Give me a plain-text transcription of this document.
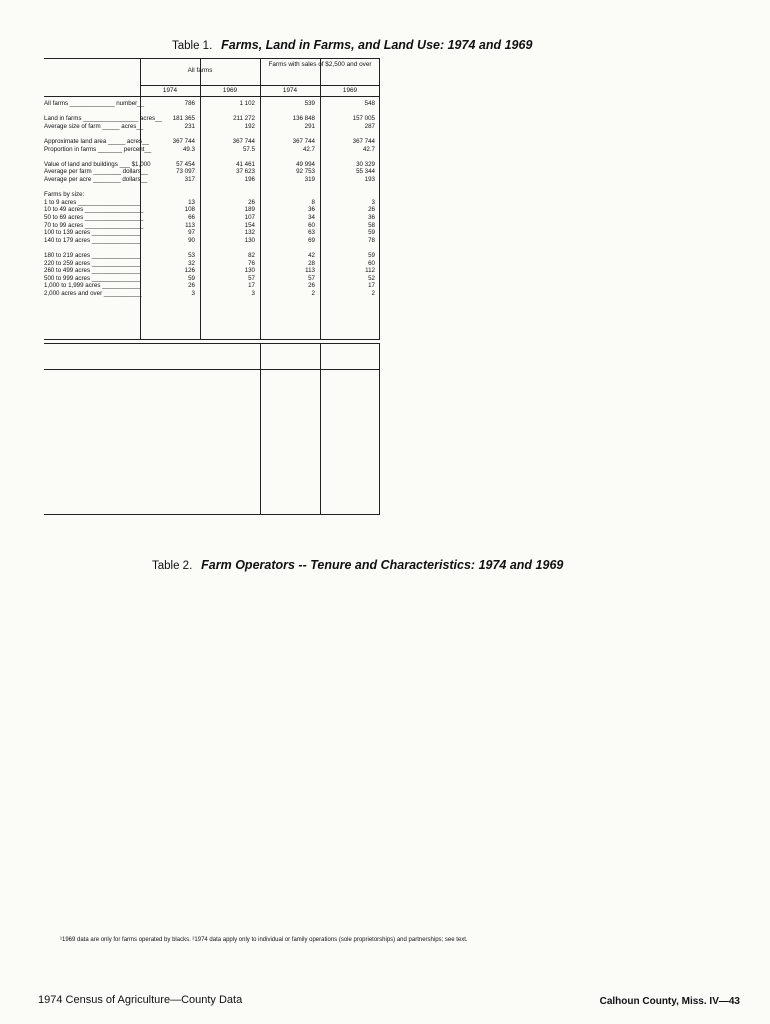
Table 1. Farms, Land in Farms, and Land Use: 1974 and 1969
All farms
Farms with sales of $2,500 and over
1974	1969	1974	1969
All farms _____________ number__	786	1 102	539	548
Land in farms ________________ acres__	181 365	211 272	136 848	157 005
Average size of farm _____ acres__	231	192	291	287
Approximate land area _____ acres__	367 744	367 744	367 744	367 744
Proportion in farms _______ percent__	49.3	57.5	42.7	42.7
Value of land and buildings ___ $1,000	57 454	41 461	49 994	30 329
Average per farm ________ dollars__	73 097	37 623	92 753	55 344
Average per acre ________ dollars__	317	196	319	193
Farms by size:
1 to 9 acres __________________	13	26	8	3
10 to 49 acres _________________	108	189	36	26
50 to 69 acres _________________	66	107	34	36
70 to 99 acres _________________	113	154	60	58
100 to 139 acres ______________	97	132	63	59
140 to 179 acres ______________	90	130	69	78
180 to 219 acres ______________	53	82	42	59
220 to 259 acres ______________	32	76	28	60
260 to 499 acres ______________	126	130	113	112
500 to 999 acres ______________	59	57	57	52
1,000 to 1,999 acres ___________	26	17	26	17
2,000 acres and over ___________	3	3	2	2
Table 2. Farm Operators -- Tenure and Characteristics: 1974 and 1969
¹1969 data are only for farms operated by blacks. ²1974 data apply only to individual or family operations (sole proprietorships) and partnerships; see text.
1974 Census of Agriculture—County Data	Calhoun County, Miss. IV—43
